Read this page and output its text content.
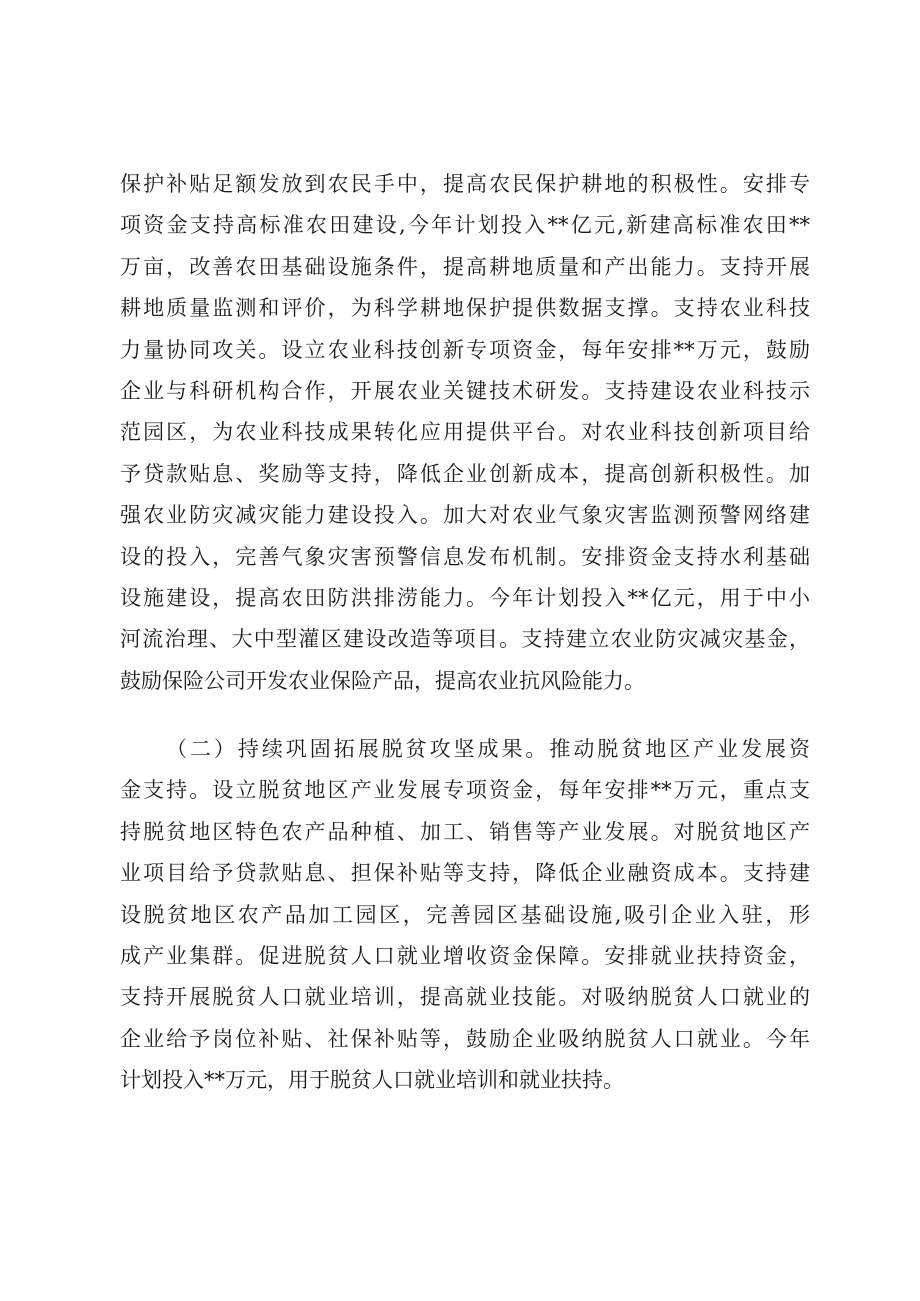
保护补贴足额发放到农民手中，提高农民保护耕地的积极性。安排专
项资金支持高标准农田建设,今年计划投入**亿元,新建高标准农田**
万亩，改善农田基础设施条件，提高耕地质量和产出能力。支持开展
耕地质量监测和评价，为科学耕地保护提供数据支撑。支持农业科技
力量协同攻关。设立农业科技创新专项资金，每年安排**万元，鼓励
企业与科研机构合作，开展农业关键技术研发。支持建设农业科技示
范园区，为农业科技成果转化应用提供平台。对农业科技创新项目给
予贷款贴息、奖励等支持，降低企业创新成本，提高创新积极性。加
强农业防灾减灾能力建设投入。加大对农业气象灾害监测预警网络建
设的投入，完善气象灾害预警信息发布机制。安排资金支持水利基础
设施建设，提高农田防洪排涝能力。今年计划投入**亿元，用于中小
河流治理、大中型灌区建设改造等项目。支持建立农业防灾减灾基金，
鼓励保险公司开发农业保险产品，提高农业抗风险能力。
（二）持续巩固拓展脱贫攻坚成果。推动脱贫地区产业发展资
金支持。设立脱贫地区产业发展专项资金，每年安排**万元，重点支
持脱贫地区特色农产品种植、加工、销售等产业发展。对脱贫地区产
业项目给予贷款贴息、担保补贴等支持，降低企业融资成本。支持建
设脱贫地区农产品加工园区，完善园区基础设施,吸引企业入驻，形
成产业集群。促进脱贫人口就业增收资金保障。安排就业扶持资金，
支持开展脱贫人口就业培训，提高就业技能。对吸纳脱贫人口就业的
企业给予岗位补贴、社保补贴等，鼓励企业吸纳脱贫人口就业。今年
计划投入**万元，用于脱贫人口就业培训和就业扶持。
